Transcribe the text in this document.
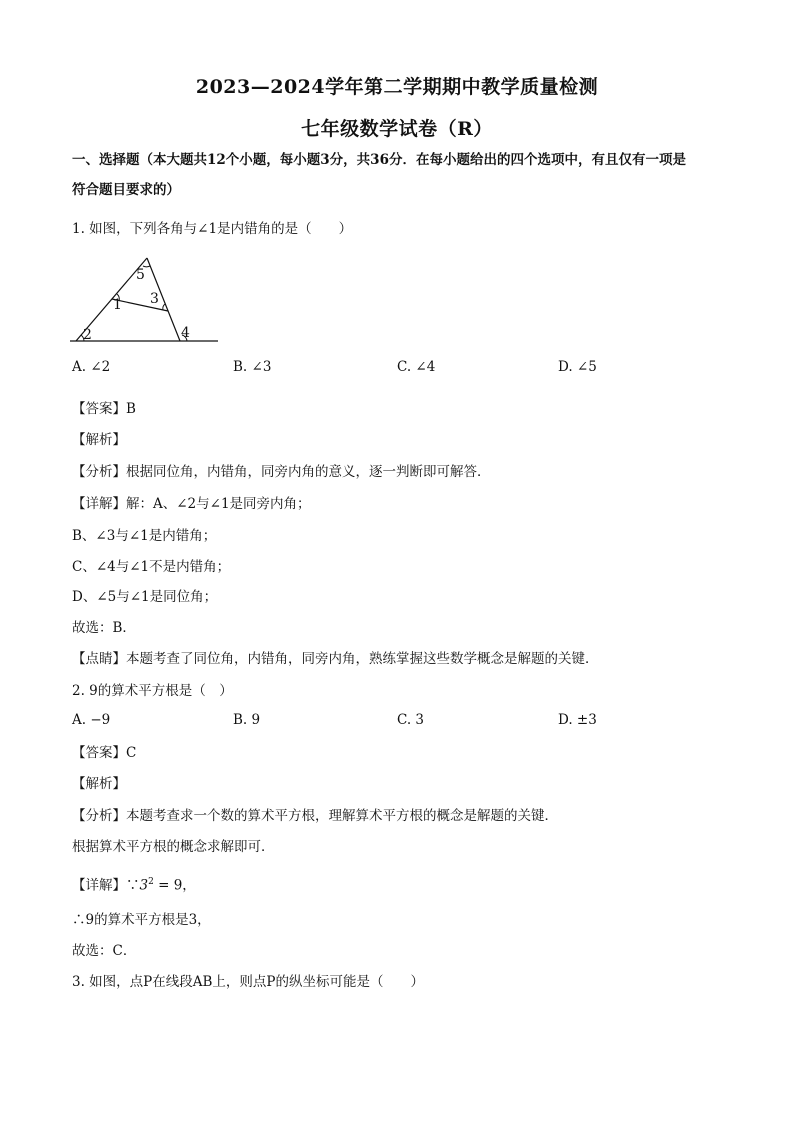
2023—2024学年第二学期期中教学质量检测
七年级数学试卷（R）
一、选择题（本大题共12个小题，每小题3分，共36分．在每小题给出的四个选项中，有且仅有一项是
符合题目要求的）
1. 如图，下列各角与∠1是内错角的是（　　）
1
2
3
4
5
A. ∠2	B. ∠3	C. ∠4	D. ∠5
【答案】B
【解析】
【分析】根据同位角，内错角，同旁内角的意义，逐一判断即可解答．
【详解】解：A、∠2与∠1是同旁内角；
B、∠3与∠1是内错角；
C、∠4与∠1不是内错角；
D、∠5与∠1是同位角；
故选：B．
【点睛】本题考查了同位角，内错角，同旁内角，熟练掌握这些数学概念是解题的关键．
2. 9的算术平方根是（　）
A. −9	B. 9	C. 3	D. ±3
【答案】C
【解析】
【分析】本题考查求一个数的算术平方根，理解算术平方根的概念是解题的关键．
根据算术平方根的概念求解即可．
【详解】$\because 3^2 = 9$，
∴9的算术平方根是3，
故选：C．
3. 如图，点P在线段AB上，则点P的纵坐标可能是（　　）
